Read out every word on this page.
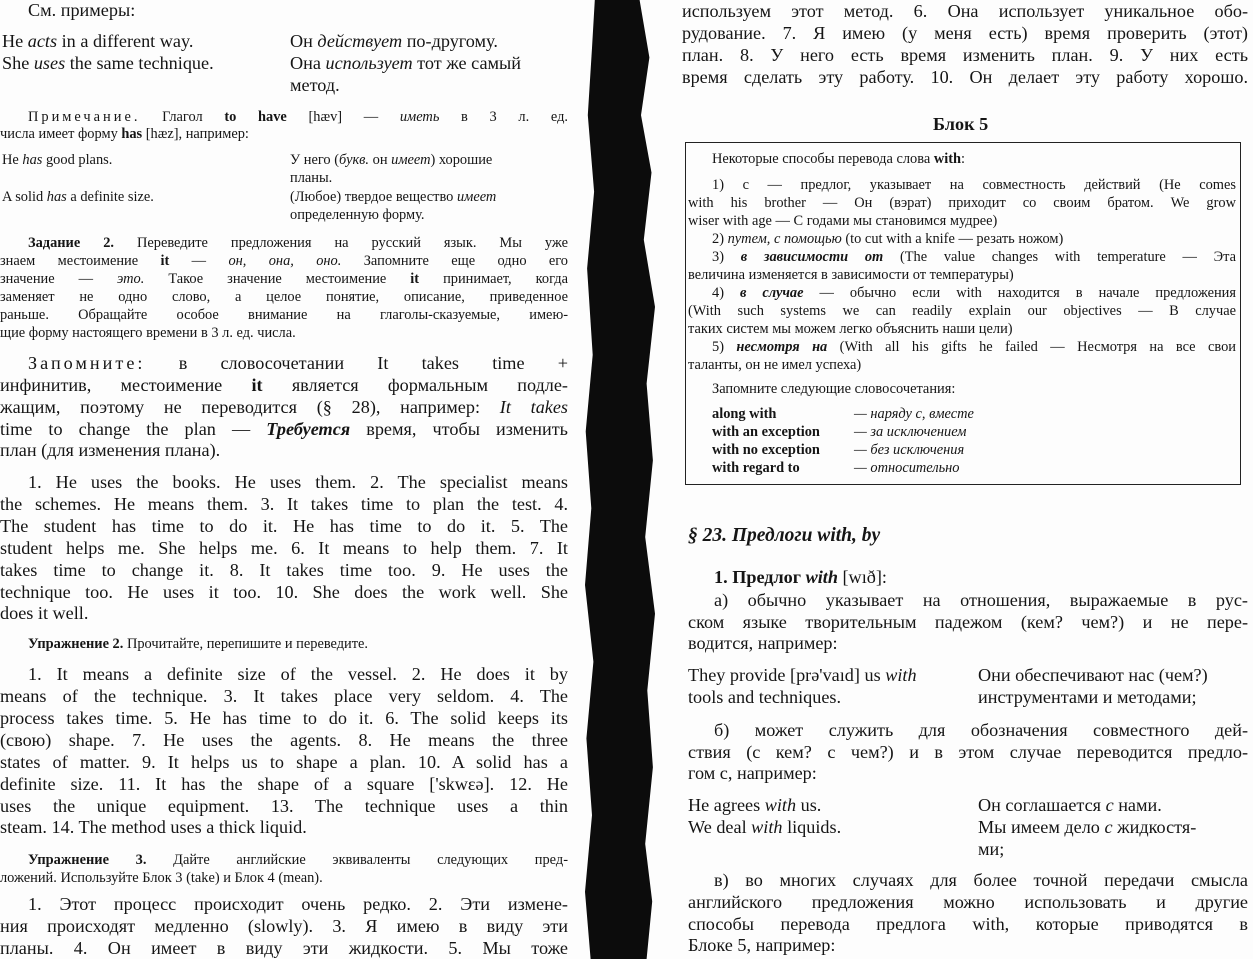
См. примеры:
He acts in a different way.	Он действует по-другому.
She uses the same technique.	Она использует тот же самый
метод.
Примечание. Глагол to have [hæv] — иметь в 3 л. ед.
числа имеет форму has [hæz], например:
He has good plans.	У него (букв. он имеет) хорошие
планы.
A solid has a definite size.	(Любое) твердое вещество имеет
определенную форму.
Задание 2. Переведите предложения на русский язык. Мы уже
знаем местоимение it — он, она, оно. Запомните еще одно его
значение — это. Такое значение местоимение it принимает, когда
заменяет не одно слово, а целое понятие, описание, приведенное
раньше. Обращайте особое внимание на глаголы-сказуемые, имею-
щие форму настоящего времени в 3 л. ед. числа.
Запомните: в словосочетании It takes time +
инфинитив, местоимение it является формальным подле-
жащим, поэтому не переводится (§ 28), например: It takes
time to change the plan — Требуется время, чтобы изменить
план (для изменения плана).
1. He uses the books. He uses them. 2. The specialist means
the schemes. He means them. 3. It takes time to plan the test. 4.
The student has time to do it. He has time to do it. 5. The
student helps me. She helps me. 6. It means to help them. 7. It
takes time to change it. 8. It takes time too. 9. He uses the
technique too. He uses it too. 10. She does the work well. She
does it well.
Упражнение 2. Прочитайте, перепишите и переведите.
1. It means a definite size of the vessel. 2. He does it by
means of the technique. 3. It takes place very seldom. 4. The
process takes time. 5. He has time to do it. 6. The solid keeps its
(свою) shape. 7. He uses the agents. 8. He means the three
states of matter. 9. It helps us to shape a plan. 10. A solid has a
definite size. 11. It has the shape of a square ['skwεə]. 12. He
uses the unique equipment. 13. The technique uses a thin
steam. 14. The method uses a thick liquid.
Упражнение 3. Дайте английские эквиваленты следующих пред-
ложений. Используйте Блок 3 (take) и Блок 4 (mean).
1. Этот процесс происходит очень редко. 2. Эти измене-
ния происходят медленно (slowly). 3. Я имею в виду эти
планы. 4. Он имеет в виду эти жидкости. 5. Мы тоже
используем этот метод. 6. Она использует уникальное обо-
рудование. 7. Я имею (у меня есть) время проверить (этот)
план. 8. У него есть время изменить план. 9. У них есть
время сделать эту работу. 10. Он делает эту работу хорошо.
Блок 5
Некоторые способы перевода слова with:
1) с — предлог, указывает на совместность действий (He comes
with his brother — Он (вэрат) приходит со своим братом. We grow
wiser with age — С годами мы становимся мудрее)
2) путем, с помощью (to cut with a knife — резать ножом)
3) в зависимости от (The value changes with temperature — Эта
величина изменяется в зависимости от температуры)
4) в случае — обычно если with находится в начале предложения
(With such systems we can readily explain our objectives — В случае
таких систем мы можем легко объяснить наши цели)
5) несмотря на (With all his gifts he failed — Несмотря на все свои
таланты, он не имел успеха)
Запомните следующие словосочетания:
along with	— наряду с, вместе
with an exception — за исключением
with no exception — без исключения
with regard to	— относительно
§ 23. Предлоги with, by
1. Предлог with [wıð]:
а) обычно указывает на отношения, выражаемые в рус-
ском языке творительным падежом (кем? чем?) и не пере-
водится, например:
They provide [prə'vaıd] us with
tools and techniques.
Они обеспечивают нас (чем?)
инструментами и методами;
б) может служить для обозначения совместного дей-
ствия (с кем? с чем?) и в этом случае переводится предло-
гом с, например:
He agrees with us.	Он соглашается с нами.
We deal with liquids.	Мы имеем дело с жидкостя-
ми;
в) во многих случаях для более точной передачи смысла
английского предложения можно использовать и другие
способы перевода предлога with, которые приводятся в
Блоке 5, например:
